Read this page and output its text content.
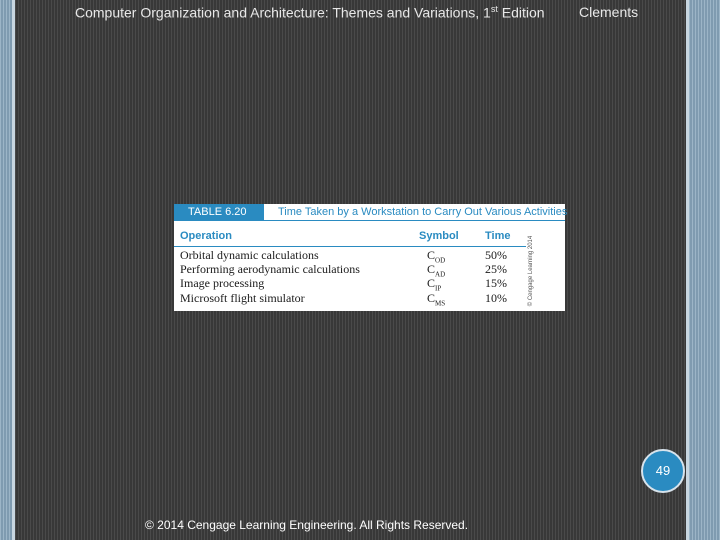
Computer Organization and Architecture: Themes and Variations, 1st Edition Clements
TABLE 6.20	Time Taken by a Workstation to Carry Out Various Activities
Operation	Symbol Time
Orbital dynamic calculations	$C_{OD}$	50%
Performing aerodynamic calculations	$C_{AD}$	25%
Image processing	$C_{IP}$	15%
Microsoft flight simulator	$C_{MS}$	10%	© Cengage Learning 2014
49
© 2014 Cengage Learning Engineering. All Rights Reserved.
